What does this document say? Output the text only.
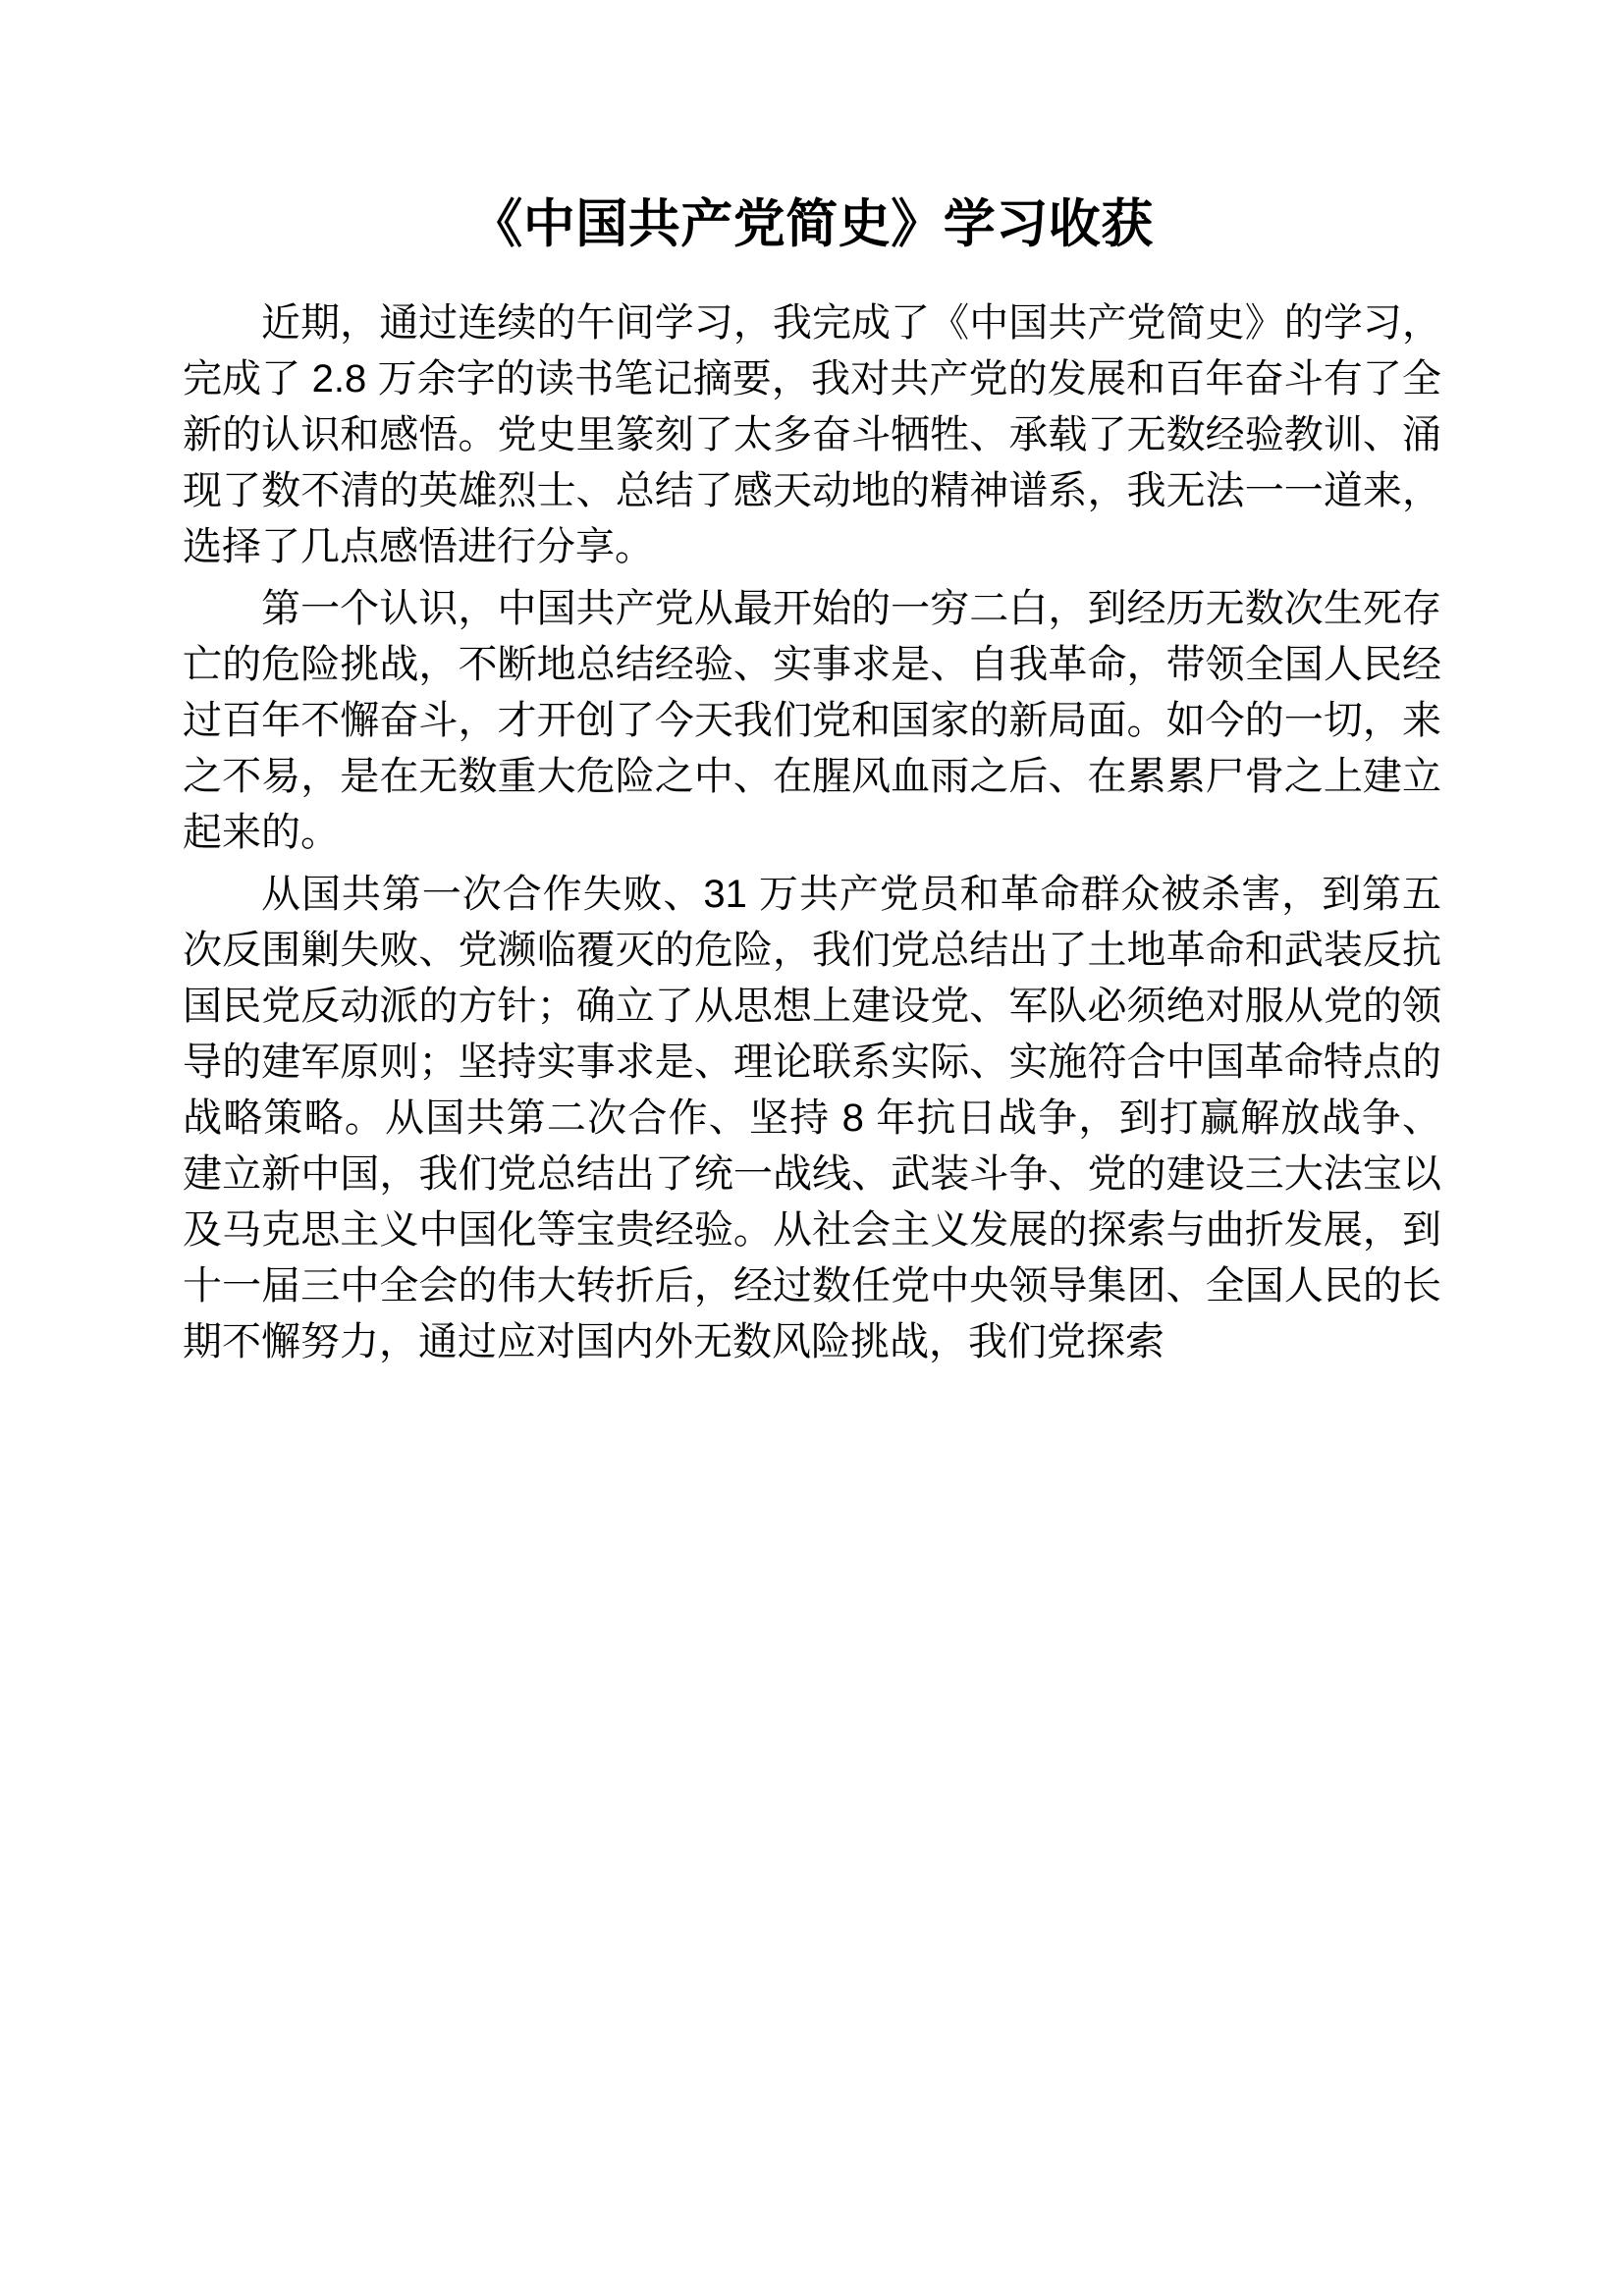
《中国共产党简史》学习收获

近期，通过连续的午间学习，我完成了《中国共产党简史》的学习，完成了 2.8 万余字的读书笔记摘要，我对共产党的发展和百年奋斗有了全新的认识和感悟。党史里篆刻了太多奋斗牺牲、承载了无数经验教训、涌现了数不清的英雄烈士、总结了感天动地的精神谱系，我无法一一道来，选择了几点感悟进行分享。

第一个认识，中国共产党从最开始的一穷二白，到经历无数次生死存亡的危险挑战，不断地总结经验、实事求是、自我革命，带领全国人民经过百年不懈奋斗，才开创了今天我们党和国家的新局面。如今的一切，来之不易，是在无数重大危险之中、在腥风血雨之后、在累累尸骨之上建立起来的。

从国共第一次合作失败、31 万共产党员和革命群众被杀害，到第五次反围剿失败、党濒临覆灭的危险，我们党总结出了土地革命和武装反抗国民党反动派的方针；确立了从思想上建设党、军队必须绝对服从党的领导的建军原则；坚持实事求是、理论联系实际、实施符合中国革命特点的战略策略。从国共第二次合作、坚持 8 年抗日战争，到打赢解放战争、建立新中国，我们党总结出了统一战线、武装斗争、党的建设三大法宝以及马克思主义中国化等宝贵经验。从社会主义发展的探索与曲折发展，到十一届三中全会的伟大转折后，经过数任党中央领导集团、全国人民的长期不懈努力，通过应对国内外无数风险挑战，我们党探索
